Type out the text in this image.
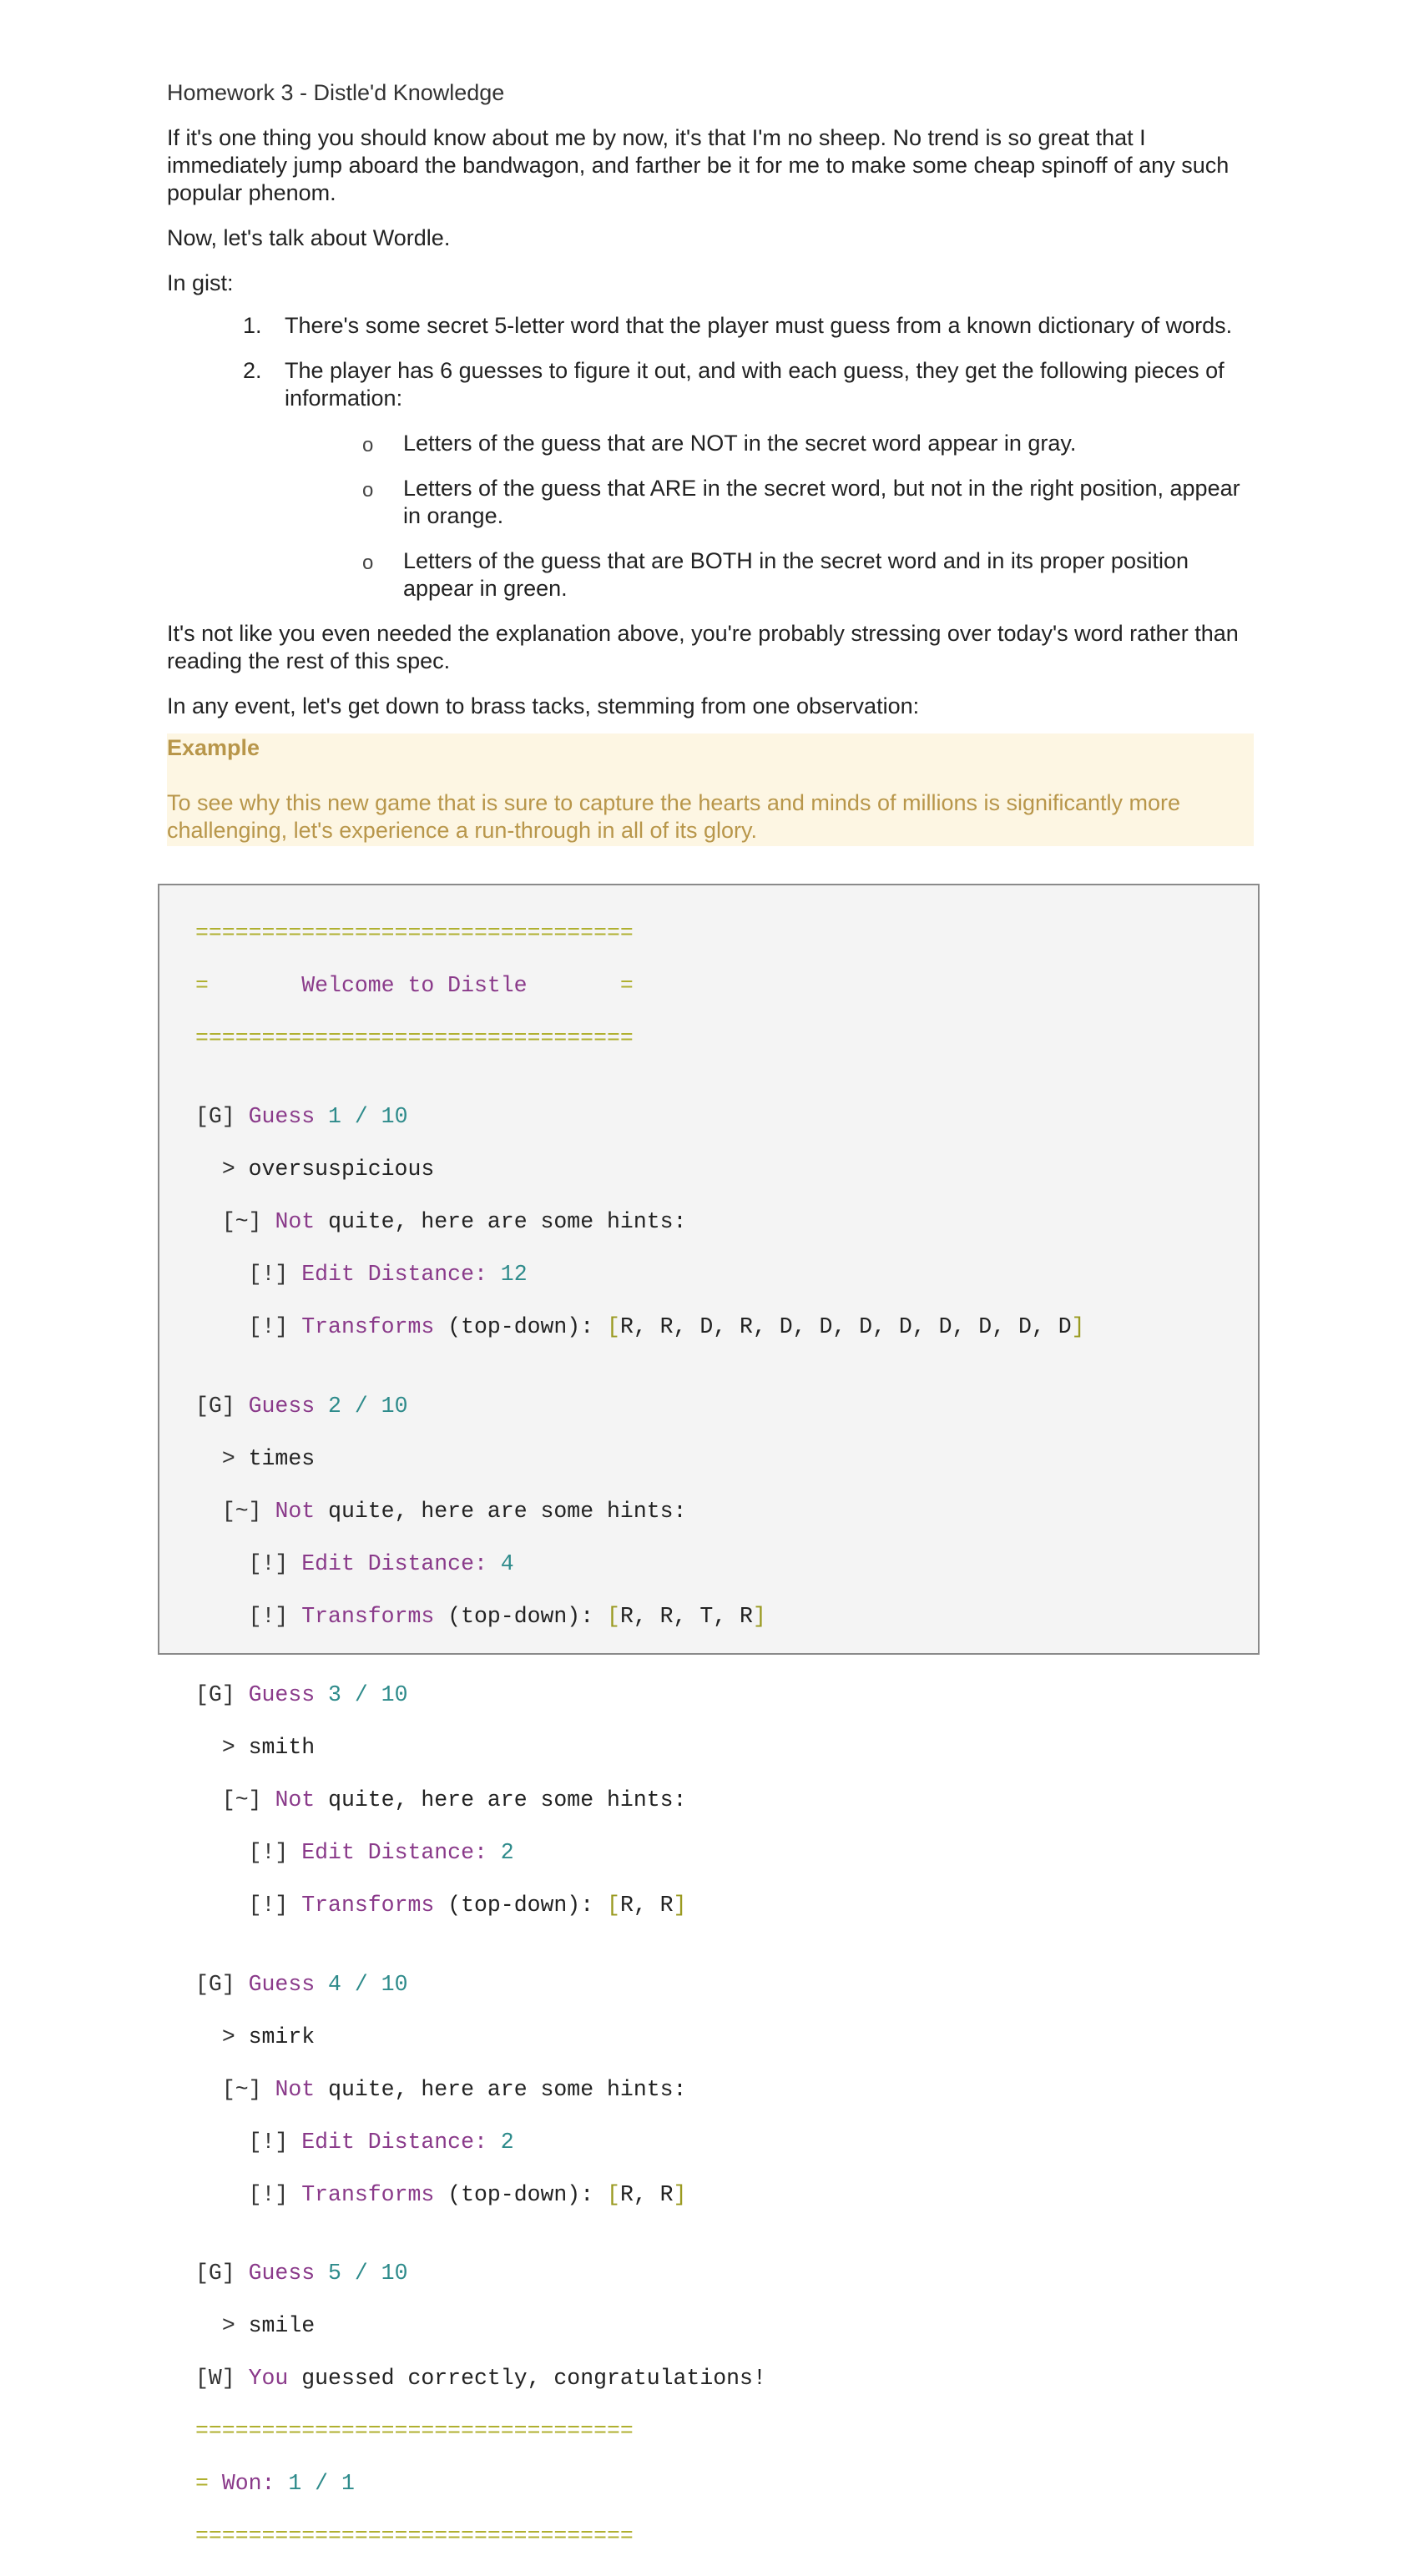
Homework 3 - Distle'd Knowledge

If it's one thing you should know about me by now, it's that I'm no sheep. No trend is so great that I immediately jump aboard the bandwagon, and farther be it for me to make some cheap spinoff of any such popular phenom.

Now, let's talk about Wordle.

In gist:

1. There's some secret 5-letter word that the player must guess from a known dictionary of words.
2. The player has 6 guesses to figure it out, and with each guess, they get the following pieces of information:
o Letters of the guess that are NOT in the secret word appear in gray.
o Letters of the guess that ARE in the secret word, but not in the right position, appear in orange.
o Letters of the guess that are BOTH in the secret word and in its proper position appear in green.

It's not like you even needed the explanation above, you're probably stressing over today's word rather than reading the rest of this spec.

In any event, let's get down to brass tacks, stemming from one observation:

Example
To see why this new game that is sure to capture the hearts and minds of millions is significantly more challenging, let's experience a run-through in all of its glory.

=================================

=	Welcome to Distle	=

=================================

[G] Guess 1 / 10

> oversuspicious

[~] Not quite, here are some hints:

[!] Edit Distance: 12

[!] Transforms (top-down): [R, R, D, R, D, D, D, D, D, D, D, D]

[G] Guess 2 / 10

> times

[~] Not quite, here are some hints:

[!] Edit Distance: 4

[!] Transforms (top-down): [R, R, T, R]

[G] Guess 3 / 10

> smith

[~] Not quite, here are some hints:

[!] Edit Distance: 2

[!] Transforms (top-down): [R, R]

[G] Guess 4 / 10

> smirk

[~] Not quite, here are some hints:

[!] Edit Distance: 2

[!] Transforms (top-down): [R, R]

[G] Guess 5 / 10

> smile

[W] You guessed correctly, congratulations!

=================================

= Won: 1 / 1

=================================
